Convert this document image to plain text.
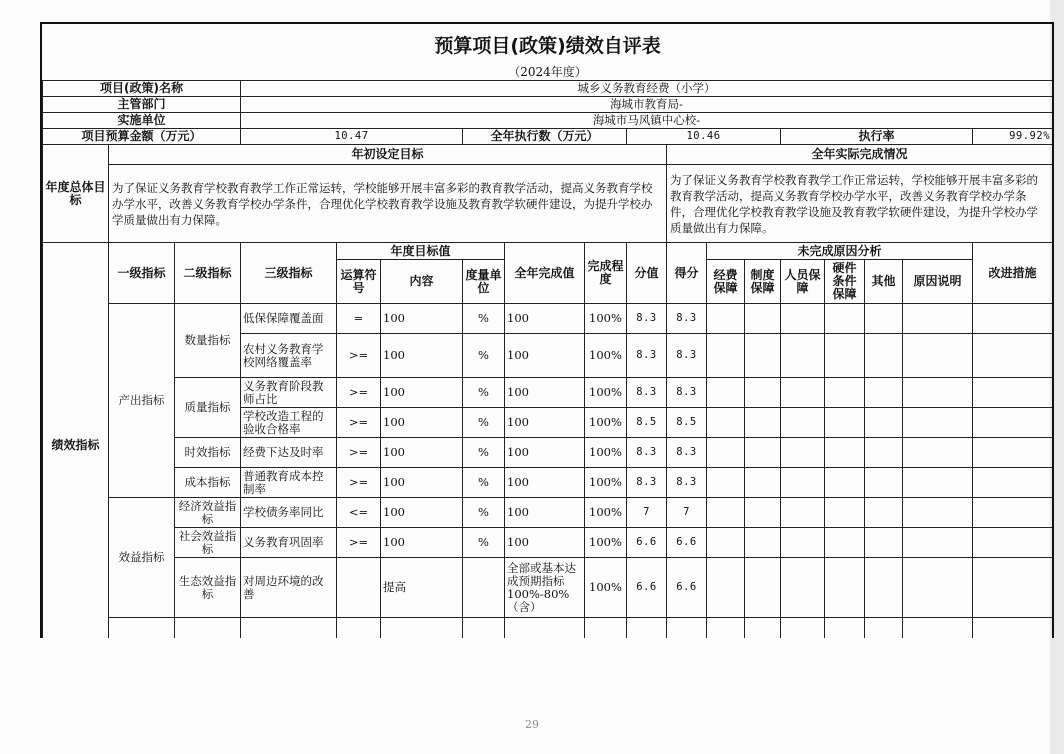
预算项目(政策)绩效自评表																	
（2024年度）																	
项目(政策)名称			城乡义务教育经费（小学）														
主管部门			海城市教育局-														
实施单位			海城市马风镇中心校-														
项目预算金额（万元）			10.47			全年执行数（万元）			10.46				执行率				99.92%
年度总体目标	年初设定目标									全年实际完成情况							
	为了保证义务教育学校教育教学工作正常运转，学校能够开展丰富多彩的教育教学活动，提高义务教育学校办学水平，改善义务教育学校办学条件，合理优化学校教育教学设施及教育教学软硬件建设，为提升学校办学质量做出有力保障。									为了保证义务教育学校教育教学工作正常运转，学校能够开展丰富多彩的教育教学活动，提高义务教育学校办学水平，改善义务教育学校办学条件，合理优化学校教育教学设施及教育教学软硬件建设，为提升学校办学质量做出有力保障。							
绩效指标	一级指标	二级指标	三级指标	年度目标值			全年完成值	完成程度	分值	得分	未完成原因分析						改进措施
				运算符号	内容	度量单位					经费保障	制度保障	人员保障	硬件条件保障	其他	原因说明	

	产出指标	数量指标	低保保障覆盖面	=	100	%	100	100%	8.3	8.3							
			农村义务教育学校网络覆盖率	>=	100	%	100	100%	8.3	8.3							
		质量指标	义务教育阶段教师占比	>=	100	%	100	100%	8.3	8.3							
			学校改造工程的验收合格率	>=	100	%	100	100%	8.5	8.5							
		时效指标	经费下达及时率	>=	100	%	100	100%	8.3	8.3							
		成本指标	普通教育成本控制率	>=	100	%	100	100%	8.3	8.3							
	效益指标	经济效益指标	学校债务率同比	<=	100	%	100	100%	7	7							
		社会效益指标	义务教育巩固率	>=	100	%	100	100%	6.6	6.6							
		生态效益指标	对周边环境的改善		提高		全部或基本达成预期指标100%-80%（含）	100%	6.6	6.6							

29
